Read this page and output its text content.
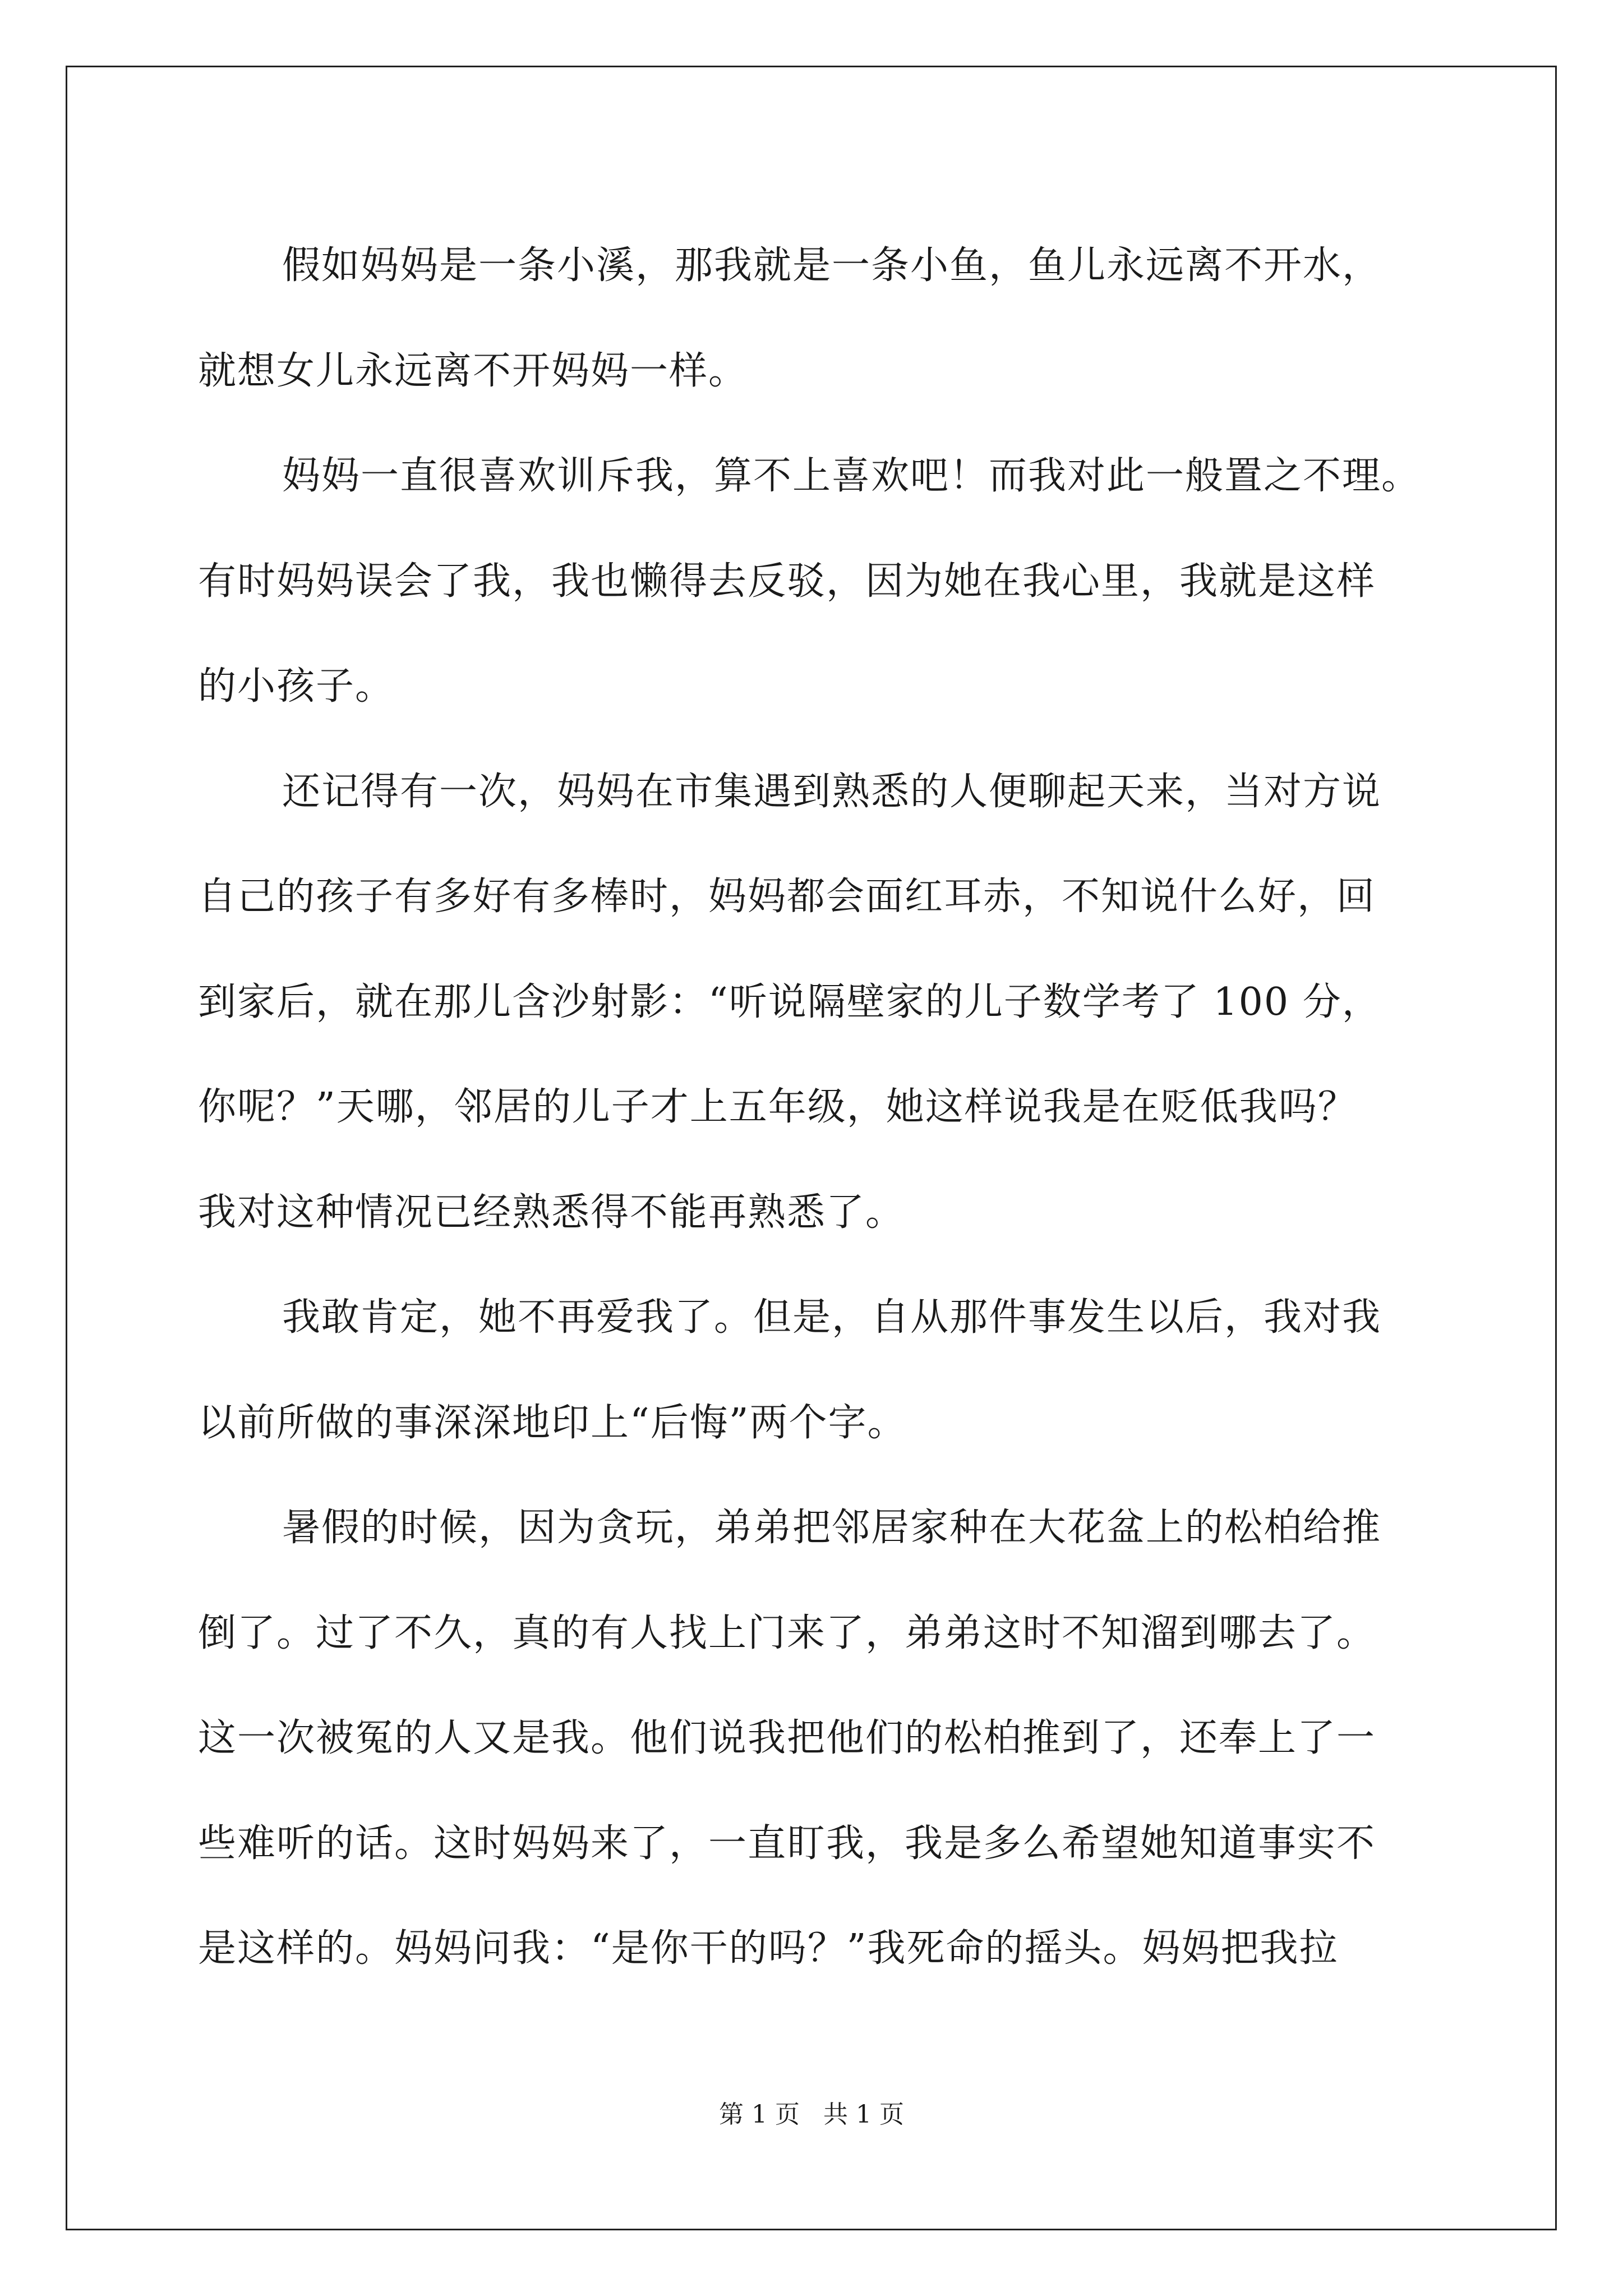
假如妈妈是一条小溪，那我就是一条小鱼，鱼儿永远离不开水，
就想女儿永远离不开妈妈一样。
妈妈一直很喜欢训斥我，算不上喜欢吧！而我对此一般置之不理。
有时妈妈误会了我，我也懒得去反驳，因为她在我心里，我就是这样
的小孩子。
还记得有一次，妈妈在市集遇到熟悉的人便聊起天来，当对方说
自己的孩子有多好有多棒时，妈妈都会面红耳赤，不知说什么好，回
到家后，就在那儿含沙射影：“听说隔壁家的儿子数学考了 100 分，
你呢？”天哪，邻居的儿子才上五年级，她这样说我是在贬低我吗？
我对这种情况已经熟悉得不能再熟悉了。
我敢肯定，她不再爱我了。但是，自从那件事发生以后，我对我
以前所做的事深深地印上“后悔”两个字。
暑假的时候，因为贪玩，弟弟把邻居家种在大花盆上的松柏给推
倒了。过了不久，真的有人找上门来了，弟弟这时不知溜到哪去了。
这一次被冤的人又是我。他们说我把他们的松柏推到了，还奉上了一
些难听的话。这时妈妈来了，一直盯我，我是多么希望她知道事实不
是这样的。妈妈问我：“是你干的吗？”我死命的摇头。妈妈把我拉
第 1 页 共 1 页
